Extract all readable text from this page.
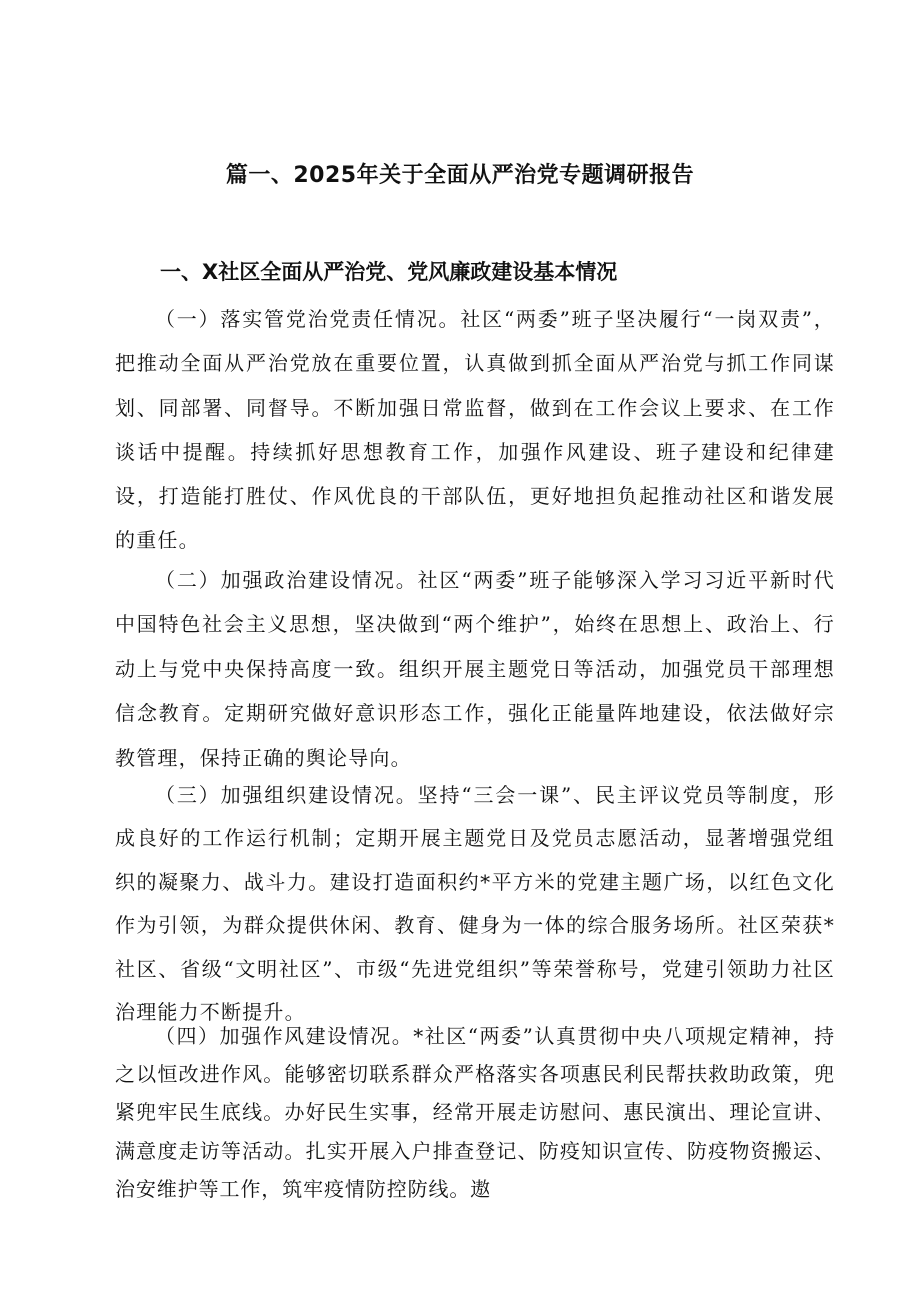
篇一、2025年关于全面从严治党专题调研报告
一、X社区全面从严治党、党风廉政建设基本情况

（一）落实管党治党责任情况。社区“两委”班子坚决履行“一岗双责”，把推动全面从严治党放在重要位置，认真做到抓全面从严治党与抓工作同谋划、同部署、同督导。不断加强日常监督，做到在工作会议上要求、在工作谈话中提醒。持续抓好思想教育工作，加强作风建设、班子建设和纪律建设，打造能打胜仗、作风优良的干部队伍，更好地担负起推动社区和谐发展的重任。

（二）加强政治建设情况。社区“两委”班子能够深入学习习近平新时代中国特色社会主义思想，坚决做到“两个维护”，始终在思想上、政治上、行动上与党中央保持高度一致。组织开展主题党日等活动，加强党员干部理想信念教育。定期研究做好意识形态工作，强化正能量阵地建设，依法做好宗教管理，保持正确的舆论导向。

（三）加强组织建设情况。坚持“三会一课”、民主评议党员等制度，形成良好的工作运行机制；定期开展主题党日及党员志愿活动，显著增强党组织的凝聚力、战斗力。建设打造面积约*平方米的党建主题广场，以红色文化作为引领，为群众提供休闲、教育、健身为一体的综合服务场所。社区荣获*社区、省级“文明社区”、市级“先进党组织”等荣誉称号，党建引领助力社区治理能力不断提升。

（四）加强作风建设情况。*社区“两委”认真贯彻中央八项规定精神，持之以恒改进作风。能够密切联系群众严格落实各项惠民利民帮扶救助政策，兜紧兜牢民生底线。办好民生实事，经常开展走访慰问、惠民演出、理论宣讲、满意度走访等活动。扎实开展入户排查登记、防疫知识宣传、防疫物资搬运、治安维护等工作，筑牢疫情防控防线。遨
